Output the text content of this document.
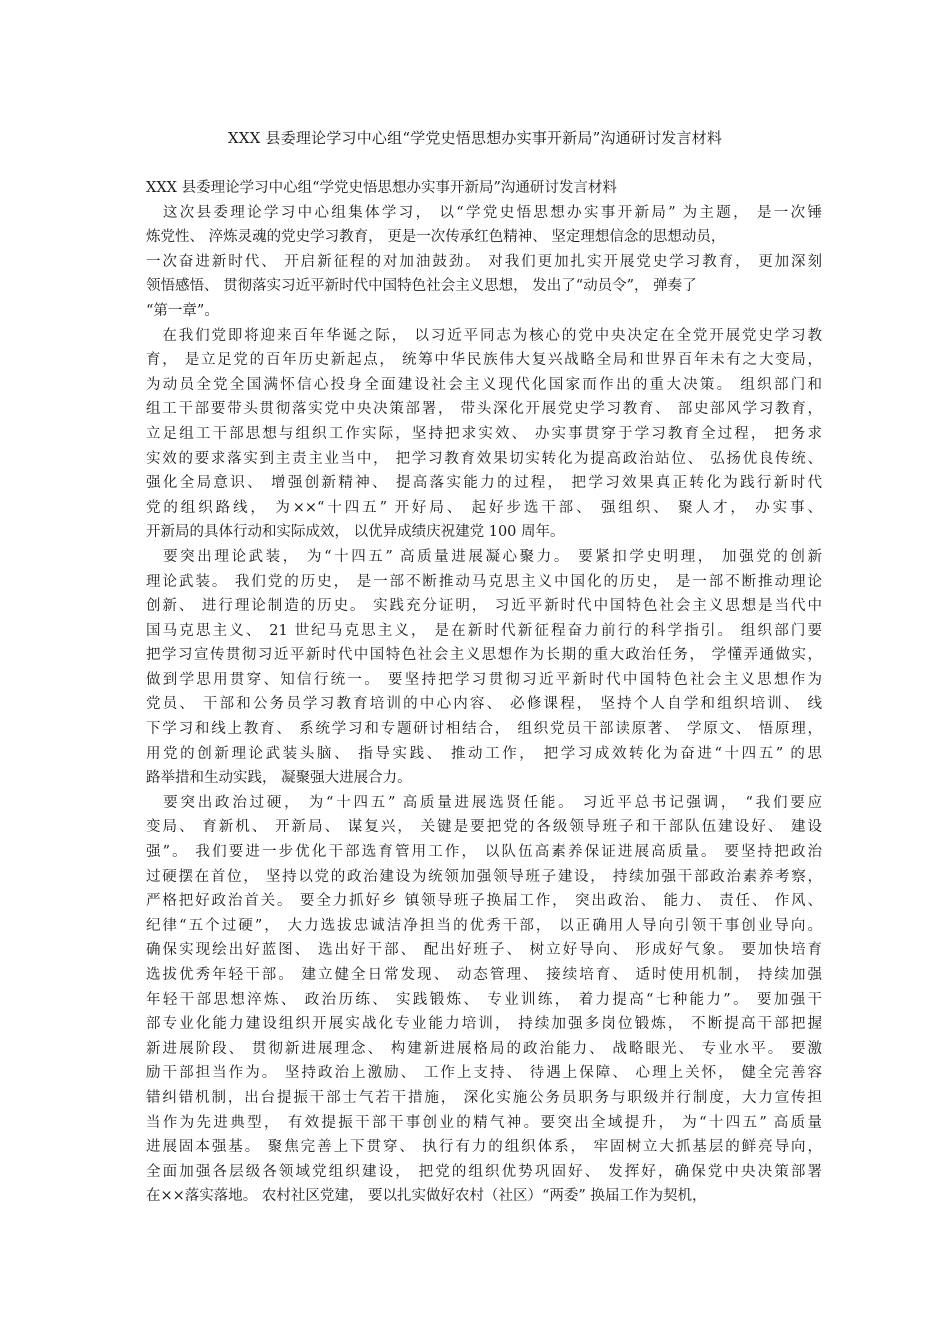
XXX 县委理论学习中心组“学党史悟思想办实事开新局”沟通研讨发言材料
XXX 县委理论学习中心组“学党史悟思想办实事开新局”沟通研讨发言材料
　这次县委理论学习中心组集体学习， 以“学党史悟思想办实事开新局” 为主题， 是一次锤
炼党性、 淬炼灵魂的党史学习教育， 更是一次传承红色精神、 坚定理想信念的思想动员，
一次奋进新时代、 开启新征程的对加油鼓劲。 对我们更加扎实开展党史学习教育， 更加深刻
领悟感悟、 贯彻落实习近平新时代中国特色社会主义思想， 发出了“动员令”， 弹奏了
“第一章”。
　在我们党即将迎来百年华诞之际， 以习近平同志为核心的党中央决定在全党开展党史学习教
育， 是立足党的百年历史新起点， 统筹中华民族伟大复兴战略全局和世界百年未有之大变局，
为动员全党全国满怀信心投身全面建设社会主义现代化国家而作出的重大决策。 组织部门和
组工干部要带头贯彻落实党中央决策部署， 带头深化开展党史学习教育、 部史部风学习教育，
立足组工干部思想与组织工作实际，坚持把求实效、 办实事贯穿于学习教育全过程， 把务求
实效的要求落实到主责主业当中， 把学习教育效果切实转化为提高政治站位、 弘扬优良传统、
强化全局意识、 增强创新精神、 提高落实能力的过程， 把学习效果真正转化为践行新时代
党的组织路线， 为××“十四五” 开好局、 起好步选干部、 强组织、 聚人才， 办实事、
开新局的具体行动和实际成效， 以优异成绩庆祝建党 100 周年。
　要突出理论武装， 为“十四五” 高质量进展凝心聚力。 要紧扣学史明理， 加强党的创新
理论武装。 我们党的历史， 是一部不断推动马克思主义中国化的历史， 是一部不断推动理论
创新、 进行理论制造的历史。 实践充分证明， 习近平新时代中国特色社会主义思想是当代中
国马克思主义、 21 世纪马克思主义， 是在新时代新征程奋力前行的科学指引。 组织部门要
把学习宣传贯彻习近平新时代中国特色社会主义思想作为长期的重大政治任务， 学懂弄通做实，
做到学思用贯穿、知信行统一。 要坚持把学习贯彻习近平新时代中国特色社会主义思想作为
党员、 干部和公务员学习教育培训的中心内容、 必修课程， 坚持个人自学和组织培训、 线
下学习和线上教育、 系统学习和专题研讨相结合， 组织党员干部读原著、 学原文、 悟原理，
用党的创新理论武装头脑、 指导实践、 推动工作， 把学习成效转化为奋进“十四五” 的思
路举措和生动实践， 凝聚强大进展合力。
　要突出政治过硬， 为“十四五” 高质量进展选贤任能。 习近平总书记强调， “我们要应
变局、 育新机、 开新局、 谋复兴， 关键是要把党的各级领导班子和干部队伍建设好、 建设
强”。 我们要进一步优化干部选育管用工作， 以队伍高素养保证进展高质量。 要坚持把政治
过硬摆在首位， 坚持以党的政治建设为统领加强领导班子建设， 持续加强干部政治素养考察，
严格把好政治首关。 要全力抓好乡 镇领导班子换届工作， 突出政治、 能力、 责任、 作风、
纪律“五个过硬”， 大力选拔忠诚洁净担当的优秀干部， 以正确用人导向引领干事创业导向。
确保实现绘出好蓝图、 选出好干部、 配出好班子、 树立好导向、 形成好气象。 要加快培育
选拔优秀年轻干部。 建立健全日常发现、 动态管理、 接续培育、 适时使用机制， 持续加强
年轻干部思想淬炼、 政治历练、 实践锻炼、 专业训练， 着力提高“七种能力”。 要加强干
部专业化能力建设组织开展实战化专业能力培训， 持续加强多岗位锻炼， 不断提高干部把握
新进展阶段、 贯彻新进展理念、 构建新进展格局的政治能力、 战略眼光、 专业水平。 要激
励干部担当作为。 坚持政治上激励、 工作上支持、 待遇上保障、 心理上关怀， 健全完善容
错纠错机制，出台提振干部士气若干措施， 深化实施公务员职务与职级并行制度，大力宣传担
当作为先进典型， 有效提振干部干事创业的精气神。要突出全域提升， 为“十四五” 高质量
进展固本强基。 聚焦完善上下贯穿、 执行有力的组织体系， 牢固树立大抓基层的鲜亮导向，
全面加强各层级各领域党组织建设， 把党的组织优势巩固好、 发挥好，确保党中央决策部署
在××落实落地。 农村社区党建， 要以扎实做好农村（社区）“两委” 换届工作为契机，
